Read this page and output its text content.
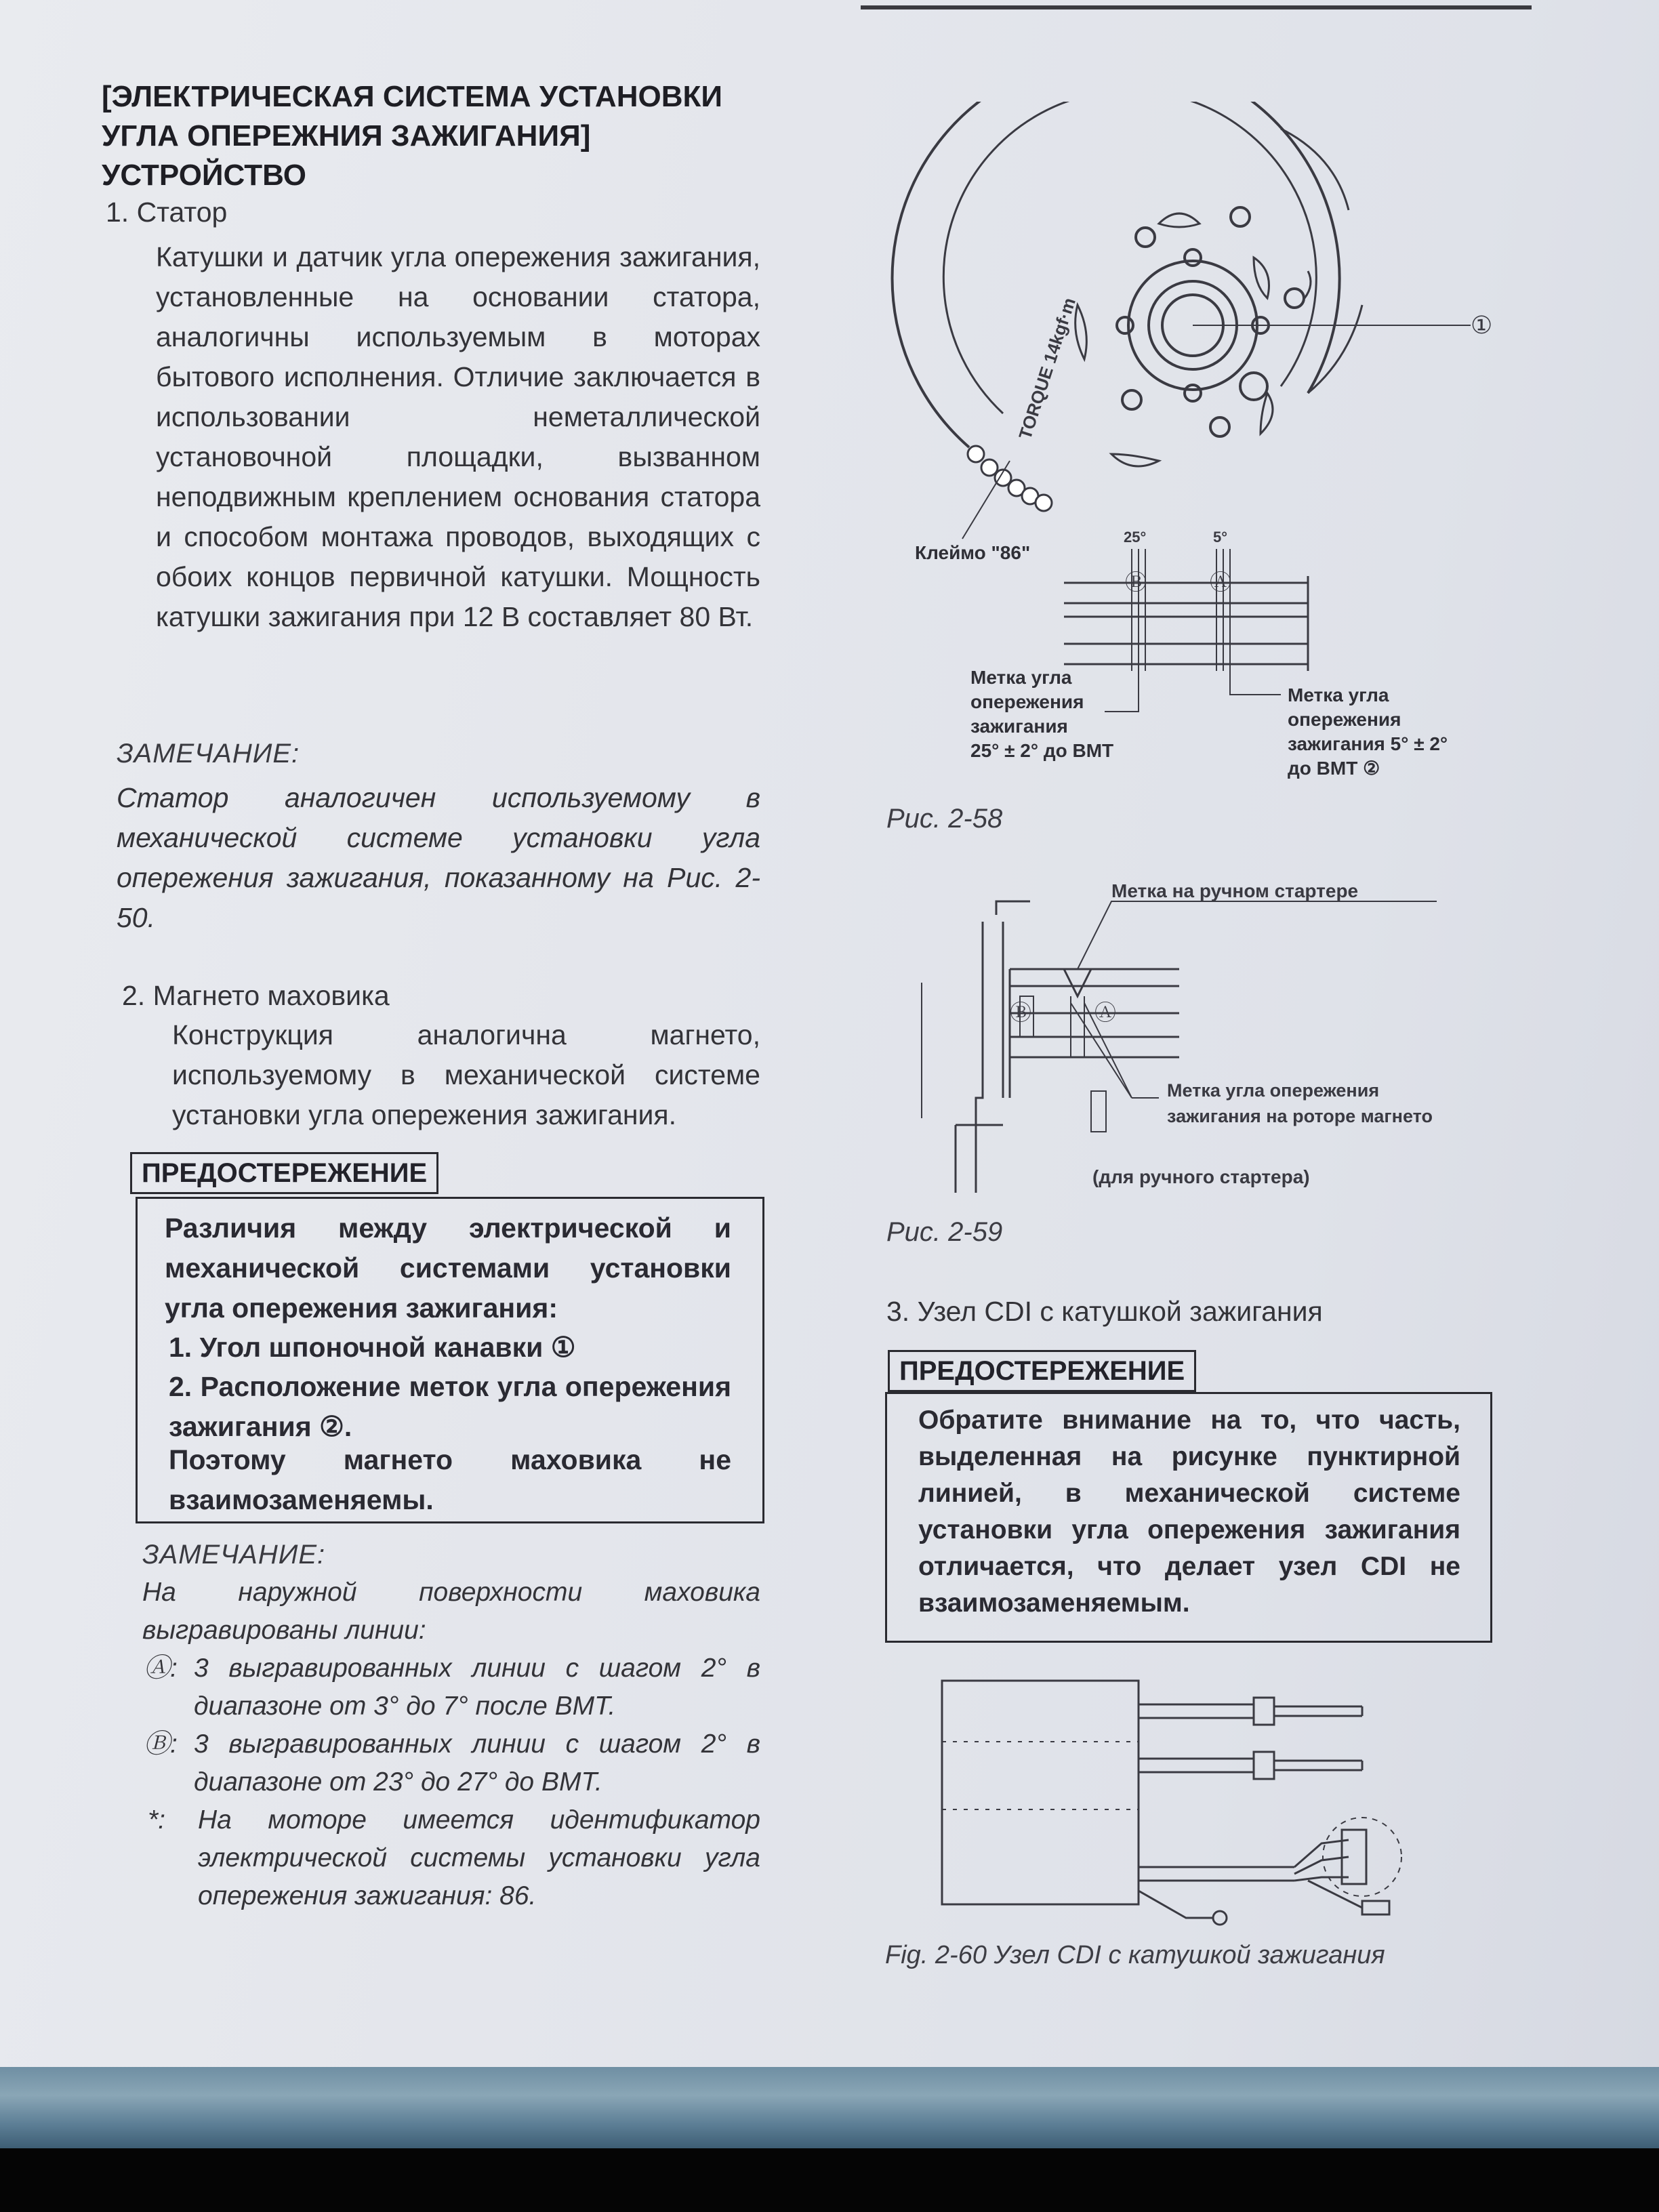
[ЭЛЕКТРИЧЕСКАЯ СИСТЕМА УСТАНОВКИ
УГЛА ОПЕРЕЖНИЯ ЗАЖИГАНИЯ]
УСТРОЙСТВО
1. Статор
Катушки и датчик угла опережения зажигания, установленные на основании статора, аналогичны используемым в моторах бытового исполнения. Отличие заключается в использовании неметаллической установочной площадки, вызванном неподвижным креплением основания статора и способом монтажа проводов, выходящих с обоих концов первичной катушки. Мощность катушки зажигания при 12 В составляет 80 Вт.
ЗАМЕЧАНИЕ:
Статор аналогичен используемому в механической системе установки угла опережения зажигания, показанному на Рис. 2-50.
2. Магнето маховика
Конструкция аналогична магнето, используемому в механической системе установки угла опережения зажигания.
ПРЕДОСТЕРЕЖЕНИЕ
Различия между электрической и механической системами установки угла опережения зажигания:
1. Угол шпоночной канавки ①
2. Расположение меток угла опережения зажигания ②.
Поэтому магнето маховика не взаимозаменяемы.
ЗАМЕЧАНИЕ:
На наружной поверхности маховика выгравированы линии:
Ⓐ: 3 выгравированных линии с шагом 2° в диапазоне от 3° до 7° после ВМТ.
Ⓑ: 3 выгравированных линии с шагом 2° в диапазоне от 23° до 27° до ВМТ.
*: На моторе имеется идентификатор электрической системы установки угла опережения зажигания: 86.
TORQUE 14kgf·m	①
Клеймо "86"
25°	5°
Ⓑ	Ⓐ
Метка угла
опережения
зажигания
25° ± 2° до ВМТ
Метка угла
опережения
зажигания 5° ± 2°
до ВМТ ②
Рис. 2-58
Ⓑ	Ⓐ
Метка на ручном стартере
Метка угла опережения
зажигания на роторе магнето
(для ручного стартера)
Рис. 2-59
3. Узел CDI с катушкой зажигания
ПРЕДОСТЕРЕЖЕНИЕ
Обратите внимание на то, что часть, выделенная на рисунке пунктирной линией, в механической системе установки угла опережения зажигания отличается, что делает узел CDI не взаимозаменяемым.
Fig. 2-60 Узел CDI с катушкой зажигания
